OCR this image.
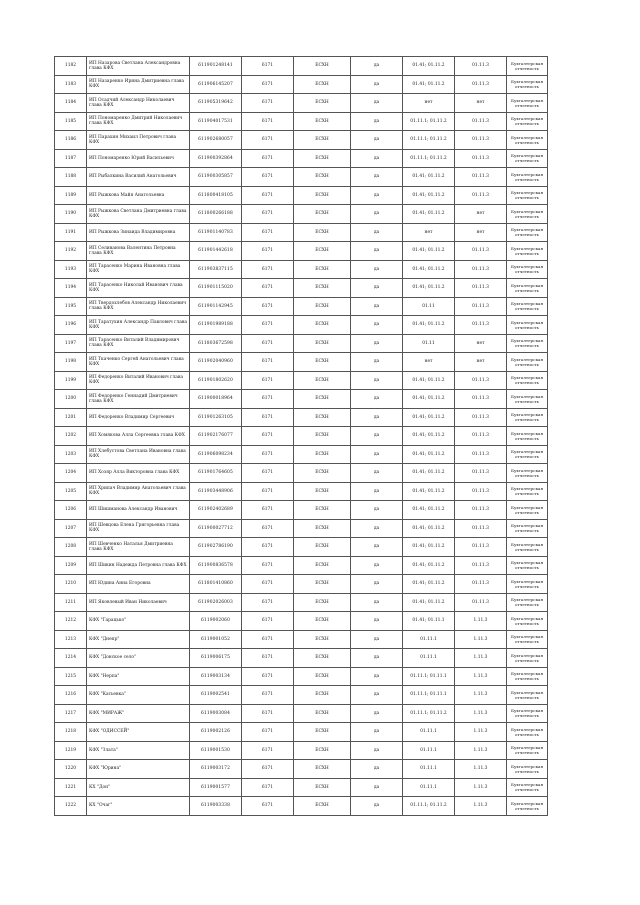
1182	ИП Назарова Светлана Александровна глава КФХ	611901248141	6171	ЕСХН	да	01.41; 01.11.2	01.11.3	Бухгалтерская отчетность
1183	ИП Назаренко Ирина Дмитриевна глава КФХ	611906145207	6171	ЕСХН	да	01.41; 01.11.2	01.11.3	Бухгалтерская отчетность
1184	ИП Осадчий Александр Николаевич глава КФХ	611905319642	6171	ЕСХН	да	нет	нет	Бухгалтерская отчетность
1185	ИП Пономаренко Дмитрий Николаевич глава КФХ	611904017531	6171	ЕСХН	да	01.11.1; 01.11.2	01.11.3	Бухгалтерская отчетность
1186	ИП Парахин Михаил Петрович глава КФХ	611902680057	6171	ЕСХН	да	01.11.1; 01.11.2	01.11.3	Бухгалтерская отчетность
1187	ИП Пономаренко Юрий Васильевич	611900392864	6171	ЕСХН	да	01.11.1; 01.11.2	01.11.3	Бухгалтерская отчетность
1188	ИП Рыбалкина Василий Анатольевич	611900305857	6171	ЕСХН	да	01.41; 01.11.2	01.11.3	Бухгалтерская отчетность
1189	ИП Рыжкова Майя Анатольевна	611800418105	6171	ЕСХН	да	01.41; 01.11.2	01.11.3	Бухгалтерская отчетность
1190	ИП Рыжкова Светлана Дмитриевна глава КФХ	611800266188	6171	ЕСХН	да	01.41; 01.11.2	нет	Бухгалтерская отчетность
1191	ИП Рыжкова Зинаида Владимировна	611901140783	6171	ЕСХН	да	нет	нет	Бухгалтерская отчетность
1192	ИП Селиванова Валентина Петровна глава КФХ	611901442618	6171	ЕСХН	да	01.41; 01.11.2	01.11.3	Бухгалтерская отчетность
1193	ИП Тарасенко Марина Ивановна глава КФХ	611903837115	6171	ЕСХН	да	01.41; 01.11.2	01.11.3	Бухгалтерская отчетность
1194	ИП Тарасенко Николай Иванович глава КФХ	611901115020	6171	ЕСХН	да	01.41; 01.11.2	01.11.3	Бухгалтерская отчетность
1195	ИП Твердохлебов Александр Николаевич глава КФХ	611901142945	6171	ЕСХН	да	01.11	01.11.3	Бухгалтерская отчетность
1196	ИП Таратухин Александр Павлович глава КФХ	611901989188	6171	ЕСХН	да	01.41; 01.11.2	01.11.3	Бухгалтерская отчетность
1197	ИП Тарасенко Виталий Владимирович глава КФХ	611803672598	6171	ЕСХН	да	01.11	нет	Бухгалтерская отчетность
1198	ИП Ткаченко Сергей Анатольевич глава КФХ	611902040960	6171	ЕСХН	да	нет	нет	Бухгалтерская отчетность
1199	ИП Федоренко Виталий Иванович глава КФХ	611901802620	6171	ЕСХН	да	01.41; 01.11.2	01.11.3	Бухгалтерская отчетность
1200	ИП Федоренко Геннадий Дмитриевич глава КФХ	611900018964	6171	ЕСХН	да	01.41; 01.11.2	01.11.3	Бухгалтерская отчетность
1201	ИП Федоренко Владимир Сергеевич	611901263105	6171	ЕСХН	да	01.41; 01.11.2	01.11.3	Бухгалтерская отчетность
1202	ИП Хомякова Алла Сергеевна глава КФХ	611902176077	6171	ЕСХН	да	01.41; 01.11.2	01.11.3	Бухгалтерская отчетность
1203	ИП Хлебустова Светлана Ивановна глава КФХ	611906098234	6171	ЕСХН	да	01.41; 01.11.2	01.11.3	Бухгалтерская отчетность
1204	ИП Хозяр Алла Викторовна глава КФХ	611901764605	6171	ЕСХН	да	01.41; 01.11.2	01.11.3	Бухгалтерская отчетность
1205	ИП Хрипач Владимир Анатольевич глава КФХ	611903448906	6171	ЕСХН	да	01.41; 01.11.2	01.11.3	Бухгалтерская отчетность
1206	ИП Шишманова Александр Иванович	611902402689	6171	ЕСХН	да	01.41; 01.11.2	01.11.3	Бухгалтерская отчетность
1207	ИП Шевцова Елена Григорьевна глава КФХ	611900027712	6171	ЕСХН	да	01.41; 01.11.2	01.11.3	Бухгалтерская отчетность
1208	ИП Шевченко Наталья Дмитриевна глава КФХ	611902786190	6171	ЕСХН	да	01.41; 01.11.2	01.11.3	Бухгалтерская отчетность
1209	ИП Шикин Надежда Петровна глава КФХ	611900836578	6171	ЕСХН	да	01.41; 01.11.2	01.11.3	Бухгалтерская отчетность
1210	ИП Юдина Анна Егоровна	611801410860	6171	ЕСХН	да	01.41; 01.11.2	01.11.3	Бухгалтерская отчетность
1211	ИП Яковлевый Иван Николаевич	611902026003	6171	ЕСХН	да	01.41; 01.11.2	01.11.3	Бухгалтерская отчетность
1212	КФХ "Гарацько"	6119002060	6171	ЕСХН	да	01.41; 01.11.1	1.11.3	Бухгалтерская отчетность
1213	КФХ "Днепр"	6119001052	6171	ЕСХН	да	01.11.1	1.11.3	Бухгалтерская отчетность
1214	КФХ "Донское село"	6119006175	6171	ЕСХН	да	01.11.1	1.11.3	Бухгалтерская отчетность
1215	КФХ "Нерпа"	6119003134	6171	ЕСХН	да	01.11.1; 01.11.1	1.11.3	Бухгалтерская отчетность
1216	КФХ "Катьевка"	6119002541	6171	ЕСХН	да	01.11.1; 01.11.1	1.11.3	Бухгалтерская отчетность
1217	КФХ "МИРАЖ"	6119003084	6171	ЕСХН	да	01.11.1; 01.11.2	1.11.3	Бухгалтерская отчетность
1218	КФХ "ОДИССЕЙ"	6119002126	6171	ЕСХН	да	01.11.1	1.11.3	Бухгалтерская отчетность
1219	КФХ "Злата"	6119001530	6171	ЕСХН	да	01.11.1	1.11.3	Бухгалтерская отчетность
1220	КФХ "Юрина"	6119003172	6171	ЕСХН	да	01.11.1	1.11.3	Бухгалтерская отчетность
1221	КХ "Дон"	6119001577	6171	ЕСХН	да	01.11.1	1.11.3	Бухгалтерская отчетность
1222	КХ "Очаг"	6119003338	6171	ЕСХН	да	01.11.1; 01.11.2	1.11.3	Бухгалтерская отчетность
